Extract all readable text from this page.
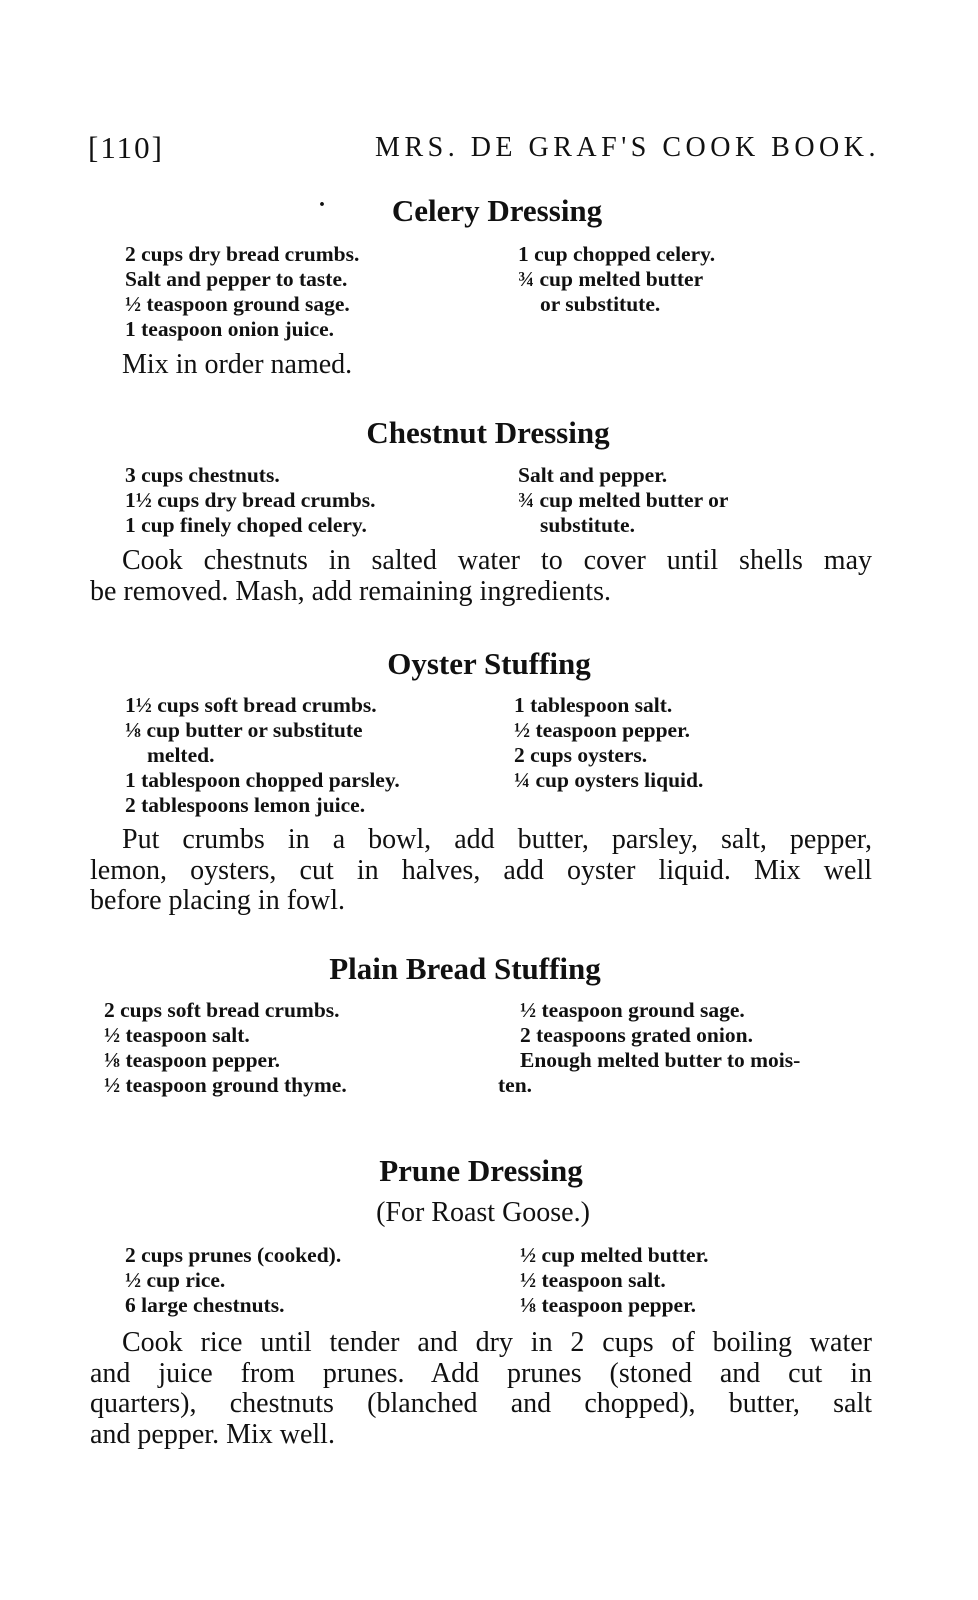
[110]	MRS. DE GRAF'S COOK BOOK.
·	Celery Dressing
2 cups dry bread crumbs.
Salt and pepper to taste.
½ teaspoon ground sage.
1 teaspoon onion juice.
1 cup chopped celery.
¾ cup melted butter
or substitute.
Mix in order named.
Chestnut Dressing
3 cups chestnuts.
1½ cups dry bread crumbs.
1 cup finely choped celery.
Salt and pepper.
¾ cup melted butter or
substitute.
Cook chestnuts in salted water to cover until shells may
be removed. Mash, add remaining ingredients.
Oyster Stuffing
1½ cups soft bread crumbs.
⅛ cup butter or substitute
melted.
1 tablespoon chopped parsley.
2 tablespoons lemon juice.
1 tablespoon salt.
½ teaspoon pepper.
2 cups oysters.
¼ cup oysters liquid.
Put crumbs in a bowl, add butter, parsley, salt, pepper,
lemon, oysters, cut in halves, add oyster liquid. Mix well
before placing in fowl.
Plain Bread Stuffing
2 cups soft bread crumbs.
½ teaspoon salt.
⅛ teaspoon pepper.
½ teaspoon ground thyme.
½ teaspoon ground sage.
2 teaspoons grated onion.
Enough melted butter to mois-
ten.
Prune Dressing
(For Roast Goose.)
2 cups prunes (cooked).
½ cup rice.
6 large chestnuts.
½ cup melted butter.
½ teaspoon salt.
⅛ teaspoon pepper.
Cook rice until tender and dry in 2 cups of boiling water
and juice from prunes. Add prunes (stoned and cut in
quarters), chestnuts (blanched and chopped), butter, salt
and pepper. Mix well.
